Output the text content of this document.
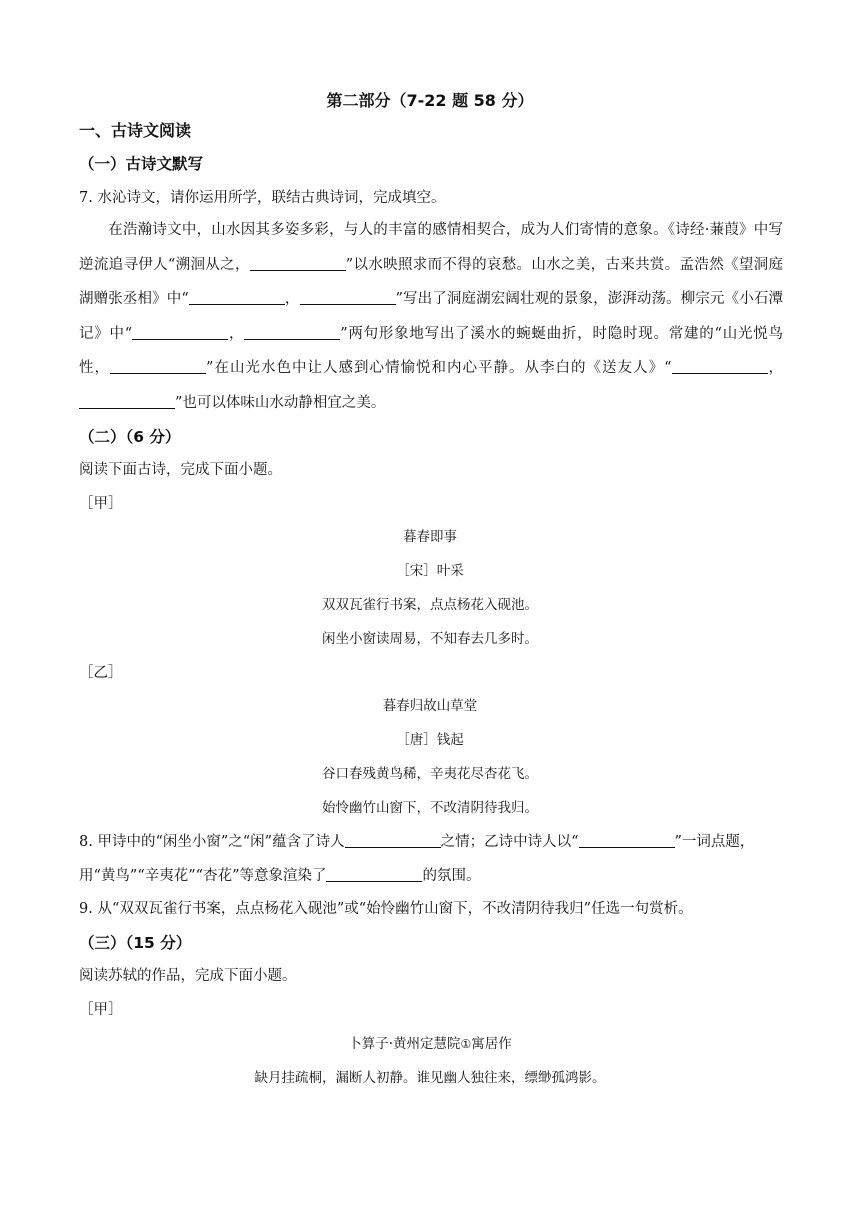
第二部分（7-22 题 58 分）
一、古诗文阅读
（一）古诗文默写
7. 水沁诗文，请你运用所学，联结古典诗词，完成填空。
在浩瀚诗文中，山水因其多姿多彩，与人的丰富的感情相契合，成为人们寄情的意象。《诗经·蒹葭》中写逆流追寻伊人“溯洄从之，	”以水映照求而不得的哀愁。山水之美，古来共赏。孟浩然《望洞庭湖赠张丞相》中“	，	”写出了洞庭湖宏阔壮观的景象，澎湃动荡。柳宗元《小石潭记》中“	，	”两句形象地写出了溪水的蜿蜒曲折，时隐时现。常建的“山光悦鸟性，	”在山光水色中让人感到心情愉悦和内心平静。从李白的《送友人》“	，”也可以体味山水动静相宜之美。
（二）（6 分）
阅读下面古诗，完成下面小题。
［甲］
暮春即事
［宋］叶采
双双瓦雀行书案，点点杨花入砚池。
闲坐小窗读周易，不知春去几多时。
［乙］
暮春归故山草堂
［唐］钱起
谷口春残黄鸟稀，辛夷花尽杏花飞。
始怜幽竹山窗下，不改清阴待我归。
8. 甲诗中的“闲坐小窗”之“闲”蕴含了诗人	之情；乙诗中诗人以“	”一词点题，
用“黄鸟”“辛夷花”“杏花”等意象渲染了	的氛围。
9. 从“双双瓦雀行书案，点点杨花入砚池”或“始怜幽竹山窗下，不改清阴待我归”任选一句赏析。
（三）（15 分）
阅读苏轼的作品，完成下面小题。
［甲］
卜算子·黄州定慧院①寓居作
缺月挂疏桐，漏断人初静。谁见幽人独往来，缥缈孤鸿影。
